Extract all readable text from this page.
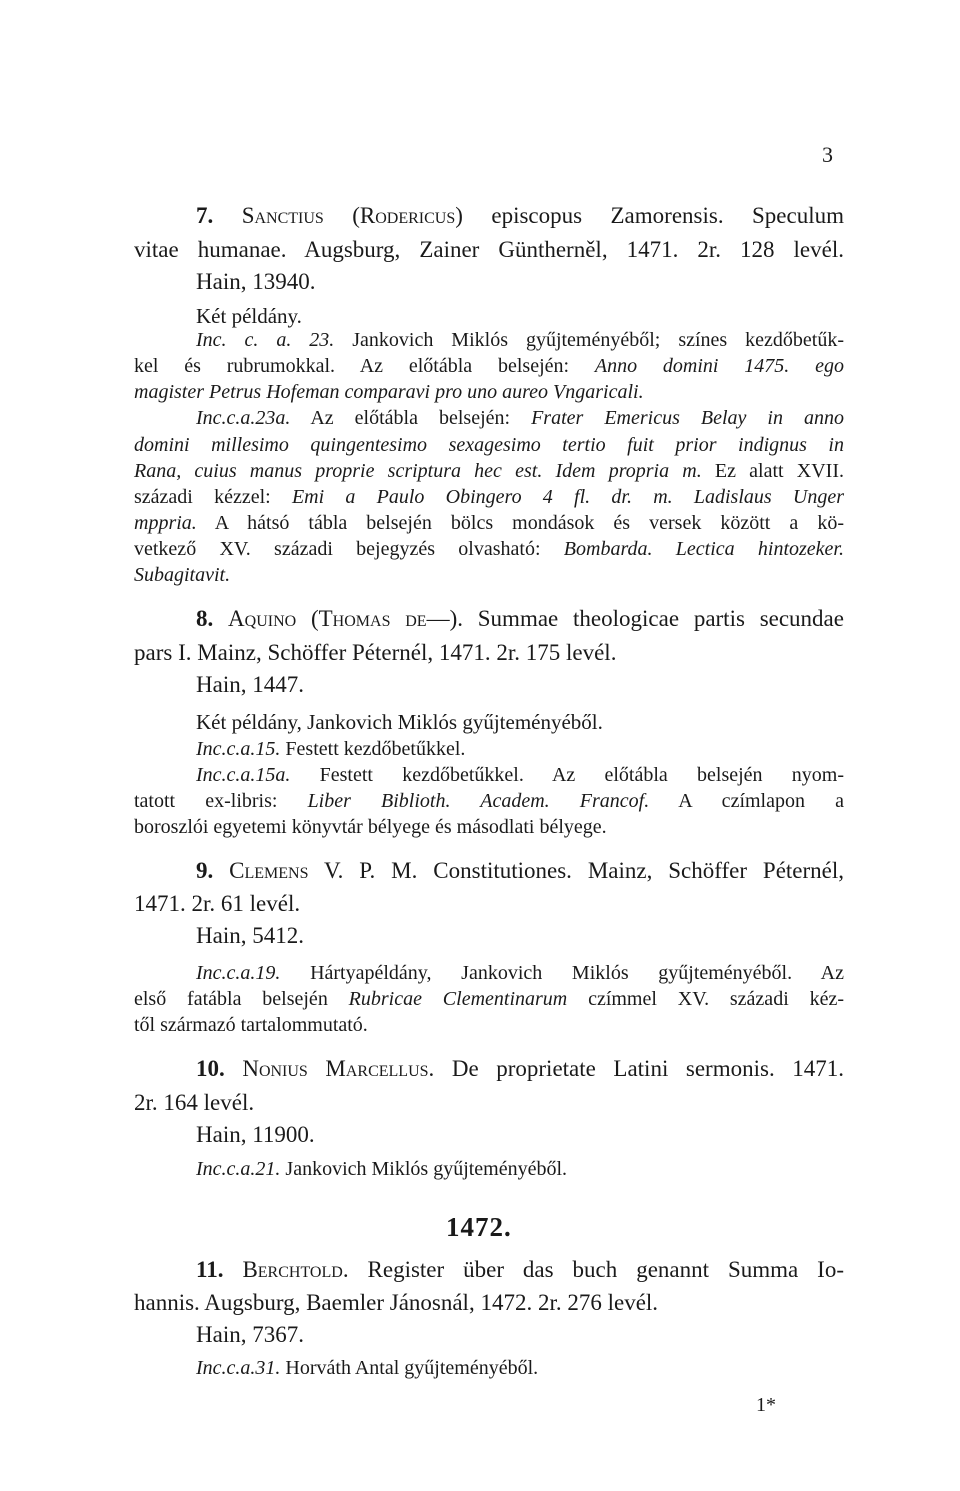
3
7. Sanctius (Rodericus) episcopus Zamorensis. Speculum
vitae humanae. Augsburg, Zainer Güntherněl, 1471. 2r. 128 levél.
Hain, 13940.
Két példány.
Inc. c. a. 23. Jankovich Miklós gyűjteményéből; színes kezdőbetűk-
kel és rubrumokkal. Az előtábla belsején: Anno domini 1475. ego
magister Petrus Hofeman comparavi pro uno aureo Vngaricali.
Inc.c.a.23a. Az előtábla belsején: Frater Emericus Belay in anno
domini millesimo quingentesimo sexagesimo tertio fuit prior indignus in
Rana, cuius manus proprie scriptura hec est. Idem propria m. Ez alatt XVII.
századi kézzel: Emi a Paulo Obingero 4 fl. dr. m. Ladislaus Unger
mppria. A hátsó tábla belsején bölcs mondások és versek között a kö-
vetkező XV. századi bejegyzés olvasható: Bombarda. Lectica hintozeker.
Subagitavit.
8. Aquino (Thomas de—). Summae theologicae partis secundae
pars I. Mainz, Schöffer Péternél, 1471. 2r. 175 levél.
Hain, 1447.
Két példány, Jankovich Miklós gyűjteményéből.
Inc.c.a.15. Festett kezdőbetűkkel.
Inc.c.a.15a. Festett kezdőbetűkkel. Az előtábla belsején nyom-
tatott ex-libris: Liber Biblioth. Academ. Francof. A czímlapon a
boroszlói egyetemi könyvtár bélyege és másodlati bélyege.
9. Clemens V. P. M. Constitutiones. Mainz, Schöffer Péternél,
1471. 2r. 61 levél.
Hain, 5412.
Inc.c.a.19. Hártyapéldány, Jankovich Miklós gyűjteményéből. Az
első fatábla belsején Rubricae Clementinarum czímmel XV. századi kéz-
től származó tartalommutató.
10. Nonius Marcellus. De proprietate Latini sermonis. 1471.
2r. 164 levél.
Hain, 11900.
Inc.c.a.21. Jankovich Miklós gyűjteményéből.
1472.
11. Berchtold. Register über das buch genannt Summa Io-
hannis. Augsburg, Baemler Jánosnál, 1472. 2r. 276 levél.
Hain, 7367.
Inc.c.a.31. Horváth Antal gyűjteményéből.
1*
